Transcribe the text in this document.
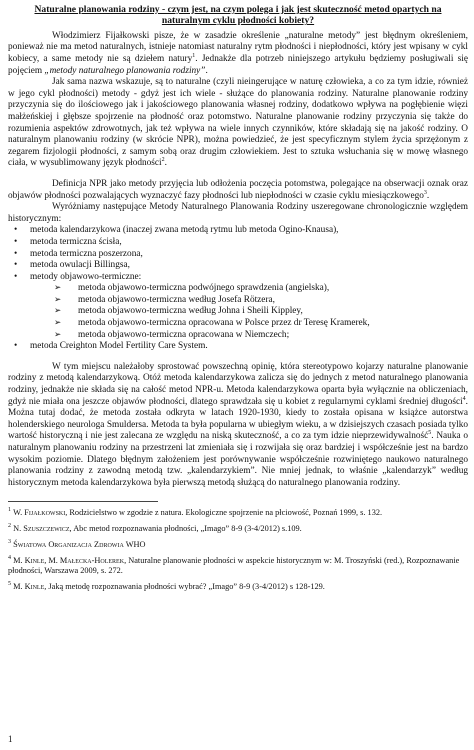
Naturalne planowania rodziny - czym jest, na czym polega i jak jest skuteczność metod opartych na
naturalnym cyklu płodności kobiety?

Włodzimierz Fijałkowski pisze, że w zasadzie określenie „naturalne metody” jest błędnym określeniem, ponieważ nie ma metod naturalnych, istnieje natomiast naturalny rytm płodności i niepłodności, który jest wpisany w cykl kobiecy, a same metody nie są dziełem natury$^1$. Jednakże dla potrzeb niniejszego artykułu będziemy posługiwali się pojęciem „metody naturalnego planowania rodziny”.

Jak sama nazwa wskazuje, są to naturalne (czyli nieingerujące w naturę człowieka, a co za tym idzie, również w jego cykl płodności) metody - gdyż jest ich wiele - służące do planowania rodziny. Naturalne planowanie rodziny przyczynia się do ilościowego jak i jakościowego planowania własnej rodziny, dodatkowo wpływa na pogłębienie więzi małżeńskiej i głębsze spojrzenie na płodność oraz potomstwo. Naturalne planowanie rodziny przyczynia się także do rozumienia aspektów zdrowotnych, jak też wpływa na wiele innych czynników, które składają się na jakość rodziny. O naturalnym planowaniu rodziny (w skrócie NPR), można powiedzieć, że jest specyficznym stylem życia sprzężonym z zegarem fizjologii płodności, z samym sobą oraz drugim człowiekiem. Jest to sztuka wsłuchania się w mowę własnego ciała, w wysublimowany język płodności$^2$.

Definicja NPR jako metody przyjęcia lub odłożenia poczęcia potomstwa, polegające na obserwacji oznak oraz objawów płodności pozwalających wyznaczyć fazy płodności lub niepłodności w czasie cyklu miesiączkowego$^3$.

Wyróżniamy następujące Metody Naturalnego Planowania Rodziny uszeregowane chronologicznie względem historycznym:

• metoda kalendarzykowa (inaczej zwana metodą rytmu lub metoda Ogino-Knausa),
• metoda termiczna ścisła,
• metoda termiczna poszerzona,
• metoda owulacji Billingsa,
• metody objawowo-termiczne:
➢ metoda objawowo-termiczna podwójnego sprawdzenia (angielska),
➢ metoda objawowo-termiczna według Josefa Rötzera,
➢ metoda objawowo-termiczna według Johna i Sheili Kippley,
➢ metoda objawowo-termiczna opracowana w Polsce przez dr Teresę Kramerek,
➢ metoda objawowo-termiczna opracowana w Niemczech;
• metoda Creighton Model Fertility Care System.

W tym miejscu należałoby sprostować powszechną opinię, która stereotypowo kojarzy naturalne planowanie rodziny z metodą kalendarzykową. Otóż metoda kalendarzykowa zalicza się do jednych z metod naturalnego planowania rodziny, jednakże nie składa się na całość metod NPR-u. Metoda kalendarzykowa oparta była wyłącznie na obliczeniach, gdyż nie miała ona jeszcze objawów płodności, dlatego sprawdzała się u kobiet z regularnymi cyklami średniej długości$^4$. Można tutaj dodać, że metoda została odkryta w latach 1920-1930, kiedy to została opisana w książce autorstwa holenderskiego neurologa Smuldersa. Metoda ta była popularna w ubiegłym wieku, a w dzisiejszych czasach posiada tylko wartość historyczną i nie jest zalecana ze względu na niską skuteczność, a co za tym idzie nieprzewidywalność$^5$. Nauka o naturalnym planowaniu rodziny na przestrzeni lat zmieniała się i rozwijała się oraz bardziej i współcześnie jest na bardzo wysokim poziomie. Dlatego błędnym założeniem jest porównywanie współcześnie rozwiniętego naukowo naturalnego planowania rodziny z zawodną metodą tzw. „kalendarzykiem”. Nie mniej jednak, to właśnie „kalendarzyk” według historycznym metoda kalendarzykowa była pierwszą metodą służącą do naturalnego planowania rodziny.

$^1$ W. Fijałkowski, Rodzicielstwo w zgodzie z natura. Ekologiczne spojrzenie na płciowość, Poznań 1999, s. 132.

$^2$ N. Szuszczewicz, Abc metod rozpoznawania płodności, „Imago” 8-9 (3-4/2012) s.109.

$^3$ Światowa Organizacja Zdrowia WHO

$^4$ M. Kinle, M. Małecka-Holerek, Naturalne planowanie płodności w aspekcie historycznym w: M. Troszyński (red.), Rozpoznawanie płodności, Warszawa 2009, s. 272.

$^5$ M. Kinle, Jaką metodę rozpoznawania płodności wybrać? „Imago” 8-9 (3-4/2012) s 128-129.

1
